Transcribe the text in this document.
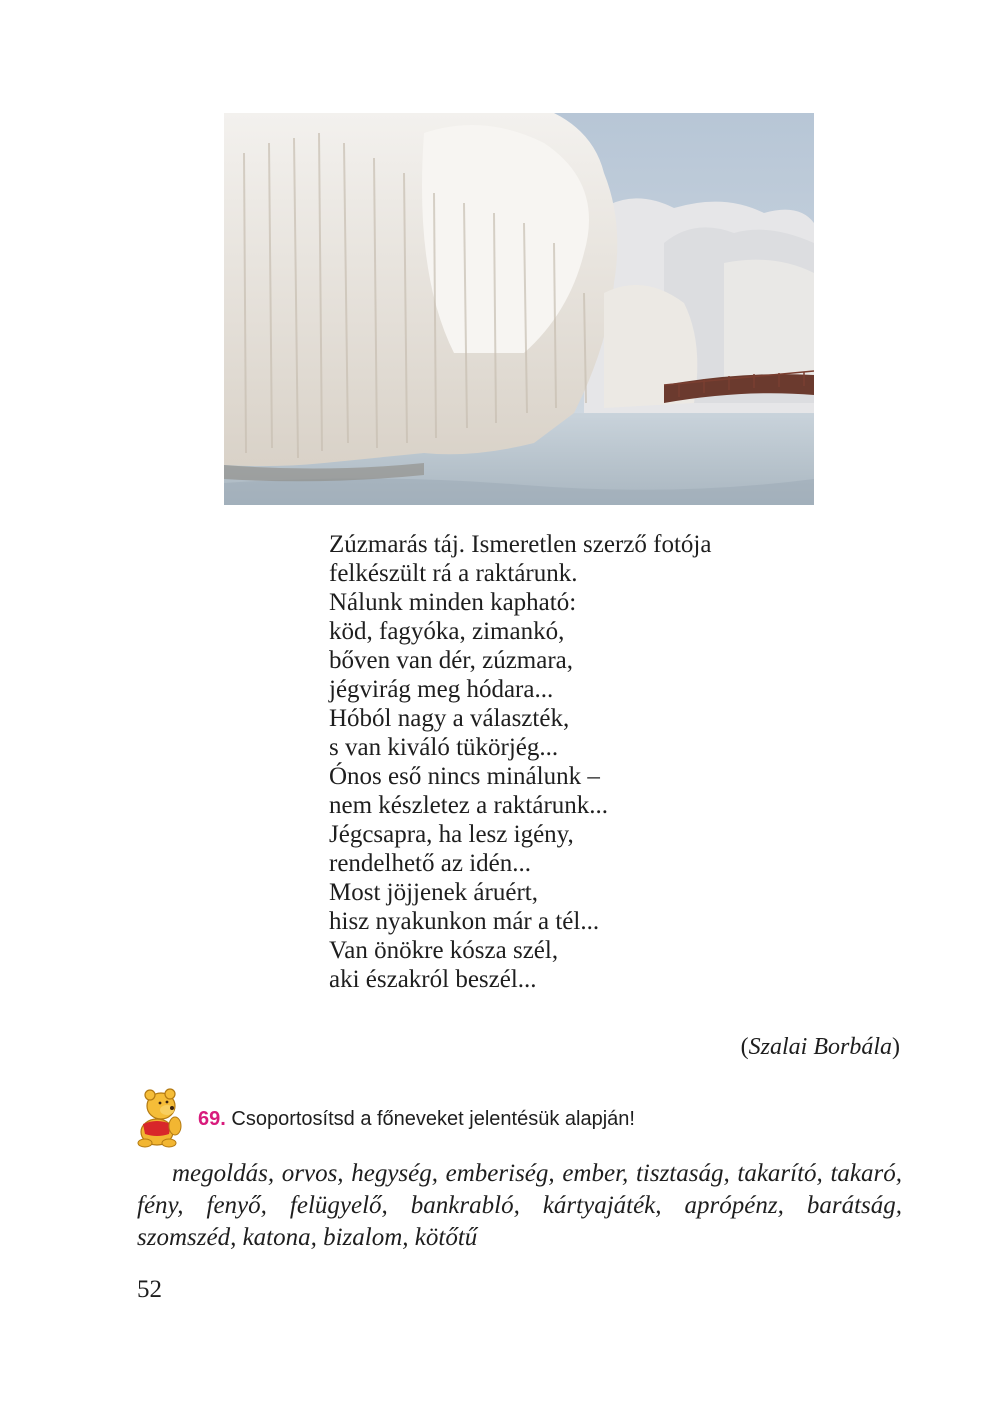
Zúzmarás táj. Ismeretlen szerző fotója
felkészült rá a raktárunk.
Nálunk minden kapható:
köd, fagyóka, zimankó,
bőven van dér, zúzmara,
jégvirág meg hódara...
Hóból nagy a választék,
s van kiváló tükörjég...
Ónos eső nincs minálunk –
nem készletez a raktárunk...
Jégcsapra, ha lesz igény,
rendelhető az idén...
Most jöjjenek áruért,
hisz nyakunkon már a tél...
Van önökre kósza szél,
aki északról beszél...
(Szalai Borbála)
69. Csoportosítsd a főneveket jelentésük alapján!
megoldás, orvos, hegység, emberiség, ember, tisztaság, takarító, takaró, fény, fenyő, felügyelő, bankrabló, kártyajáték, aprópénz, barátság, szomszéd, katona, bizalom, kötőtű
52
